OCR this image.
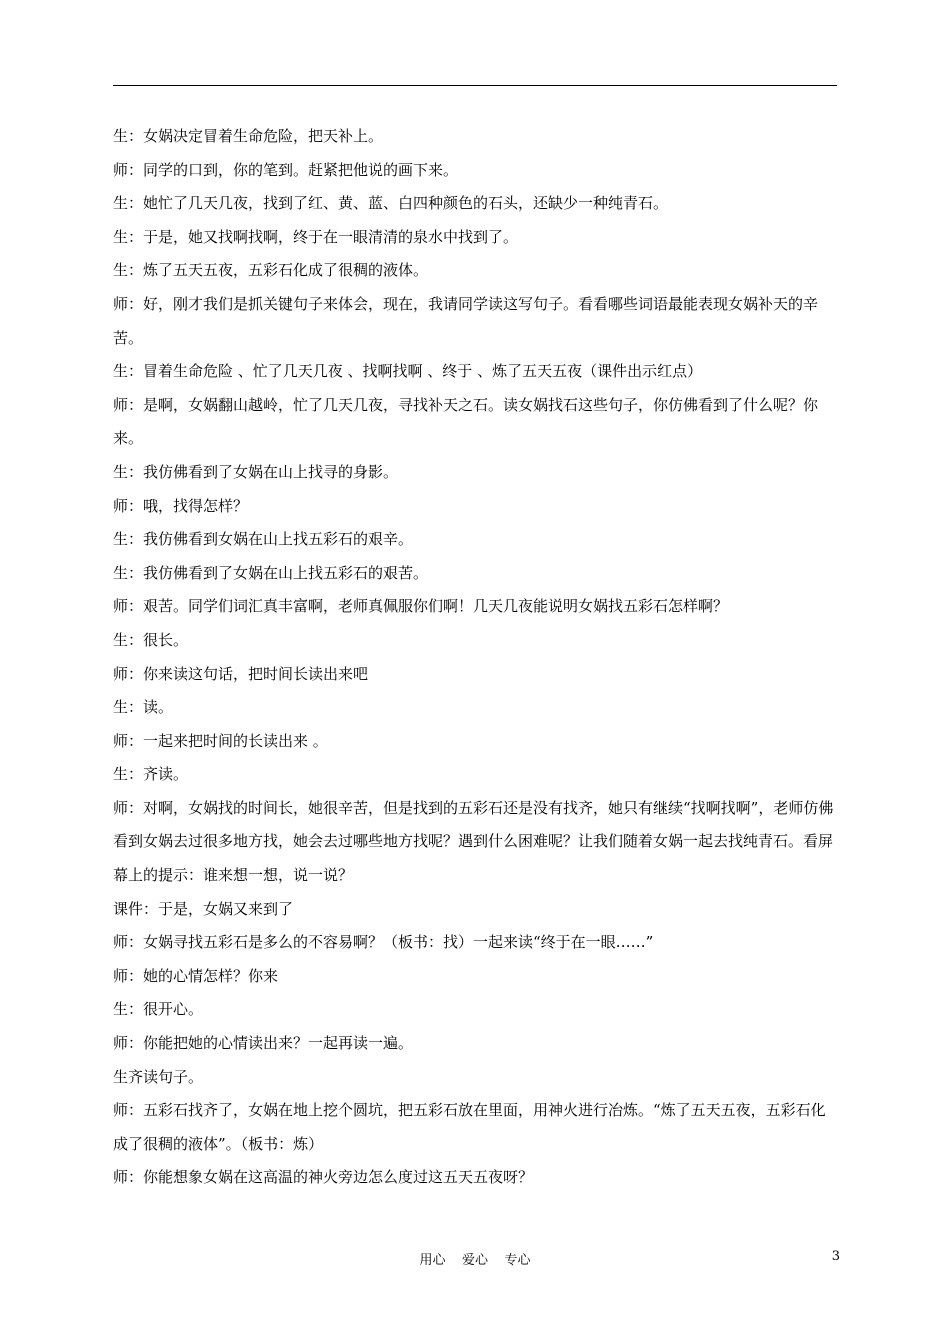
生：女娲决定冒着生命危险，把天补上。

师：同学的口到，你的笔到。赶紧把他说的画下来。

生：她忙了几天几夜，找到了红、黄、蓝、白四种颜色的石头，还缺少一种纯青石。

生：于是，她又找啊找啊，终于在一眼清清的泉水中找到了。

生：炼了五天五夜，五彩石化成了很稠的液体。

师：好，刚才我们是抓关键句子来体会，现在，我请同学读这写句子。看看哪些词语最能表现女娲补天的辛苦。

生：冒着生命危险 、忙了几天几夜 、找啊找啊 、终于 、炼了五天五夜（课件出示红点）

师：是啊，女娲翻山越岭，忙了几天几夜，寻找补天之石。读女娲找石这些句子，你仿佛看到了什么呢？你来。

生：我仿佛看到了女娲在山上找寻的身影。

师：哦，找得怎样？

生：我仿佛看到女娲在山上找五彩石的艰辛。

生：我仿佛看到了女娲在山上找五彩石的艰苦。

师：艰苦。同学们词汇真丰富啊，老师真佩服你们啊！几天几夜能说明女娲找五彩石怎样啊？

生：很长。

师：你来读这句话，把时间长读出来吧

生：读。

师：一起来把时间的长读出来 。

生：齐读。

师：对啊，女娲找的时间长，她很辛苦，但是找到的五彩石还是没有找齐，她只有继续“找啊找啊”，老师仿佛看到女娲去过很多地方找，她会去过哪些地方找呢？遇到什么困难呢？让我们随着女娲一起去找纯青石。看屏幕上的提示：谁来想一想，说一说？

课件：于是，女娲又来到了

师：女娲寻找五彩石是多么的不容易啊？（板书：找）一起来读“终于在一眼……”

师：她的心情怎样？你来

生：很开心。

师：你能把她的心情读出来？一起再读一遍。

生齐读句子。

师：五彩石找齐了，女娲在地上挖个圆坑，把五彩石放在里面，用神火进行冶炼。“炼了五天五夜，五彩石化成了很稠的液体”。（板书：炼）

师：你能想象女娲在这高温的神火旁边怎么度过这五天五夜呀？

用心    爱心    专心	3
